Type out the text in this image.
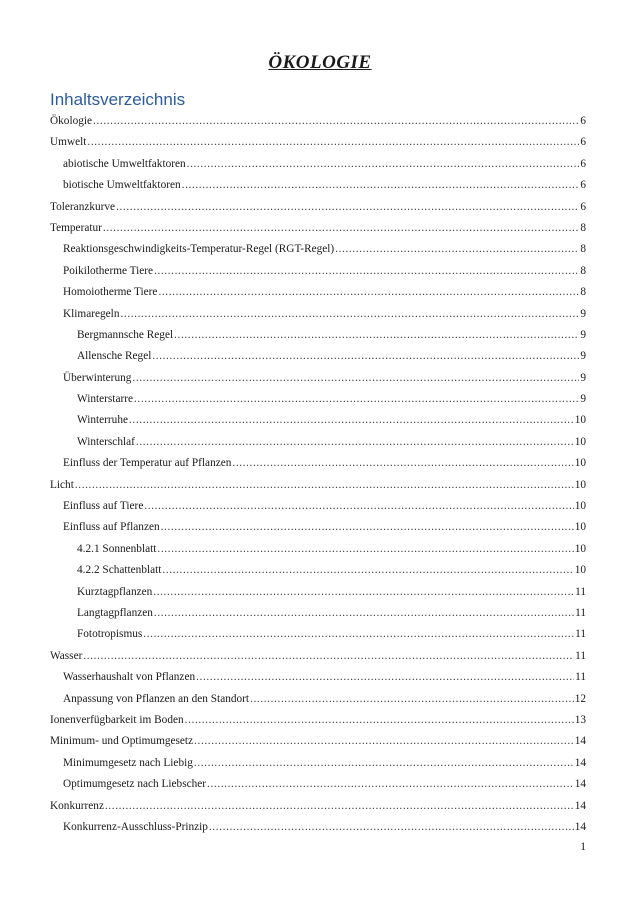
ÖKOLOGIE
Inhaltsverzeichnis
Ökologie .....	6
Umwelt .....	6
abiotische Umweltfaktoren .....	6
biotische Umweltfaktoren .....	6
Toleranzkurve .....	6
Temperatur .....	8
Reaktionsgeschwindigkeits-Temperatur-Regel (RGT-Regel) .....	8
Poikilotherme Tiere .....	8
Homoiotherme Tiere .....	8
Klimaregeln .....	9
Bergmannsche Regel .....	9
Allensche Regel .....	9
Überwinterung .....	9
Winterstarre .....	9
Winterruhe .....	10
Winterschlaf .....	10
Einfluss der Temperatur auf Pflanzen .....	10
Licht .....	10
Einfluss auf Tiere .....	10
Einfluss auf Pflanzen .....	10
4.2.1 Sonnenblatt .....	10
4.2.2 Schattenblatt .....	10
Kurztagpflanzen .....	11
Langtagpflanzen .....	11
Fototropismus .....	11
Wasser .....	11
Wasserhaushalt von Pflanzen .....	11
Anpassung von Pflanzen an den Standort .....	12
Ionenverfügbarkeit im Boden .....	13
Minimum- und Optimumgesetz .....	14
Minimumgesetz nach Liebig .....	14
Optimumgesetz nach Liebscher .....	14
Konkurrenz .....	14
Konkurrenz-Ausschluss-Prinzip .....	14
1
